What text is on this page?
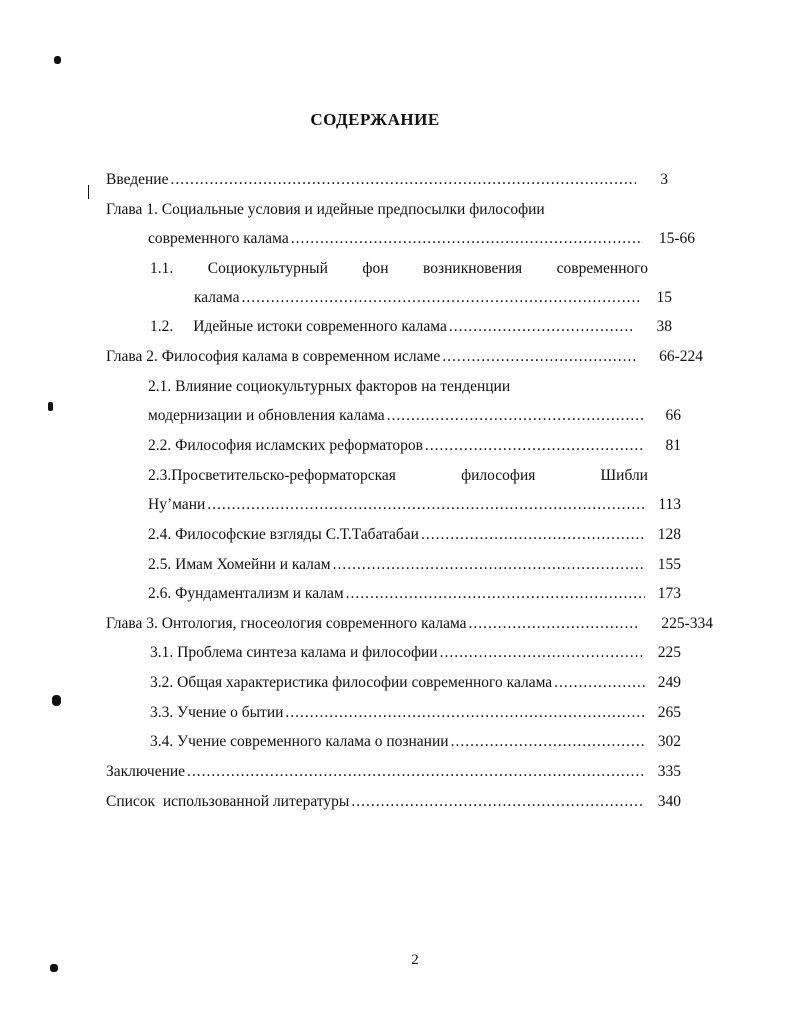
СОДЕРЖАНИЕ
Введение .....	3
Глава 1. Социальные условия и идейные предпосылки философии
современного калама .....	15-66
1.1. Социокультурный фон возникновения современного
калама .....	15
1.2. Идейные истоки современного калама .....	38
Глава 2. Философия калама в современном исламе .....	66-224
2.1. Влияние социокультурных факторов на тенденции
модернизации и обновления калама .....	66
2.2. Философия исламских реформаторов .....	81
2.3.Просветительско-реформаторская	философия	Шибли
Ну’мани .....	113
2.4. Философские взгляды С.Т.Табатабаи .....	128
2.5. Имам Хомейни и калам .....	155
2.6. Фундаментализм и калам .....	173
Глава 3. Онтология, гносеология современного калама .....	225-334
3.1. Проблема синтеза калама и философии .....	225
3.2. Общая характеристика философии современного калама .....	249
3.3. Учение о бытии .....	265
3.4. Учение современного калама о познании .....	302
Заключение .....	335
Список  использованной литературы .....	340
2
